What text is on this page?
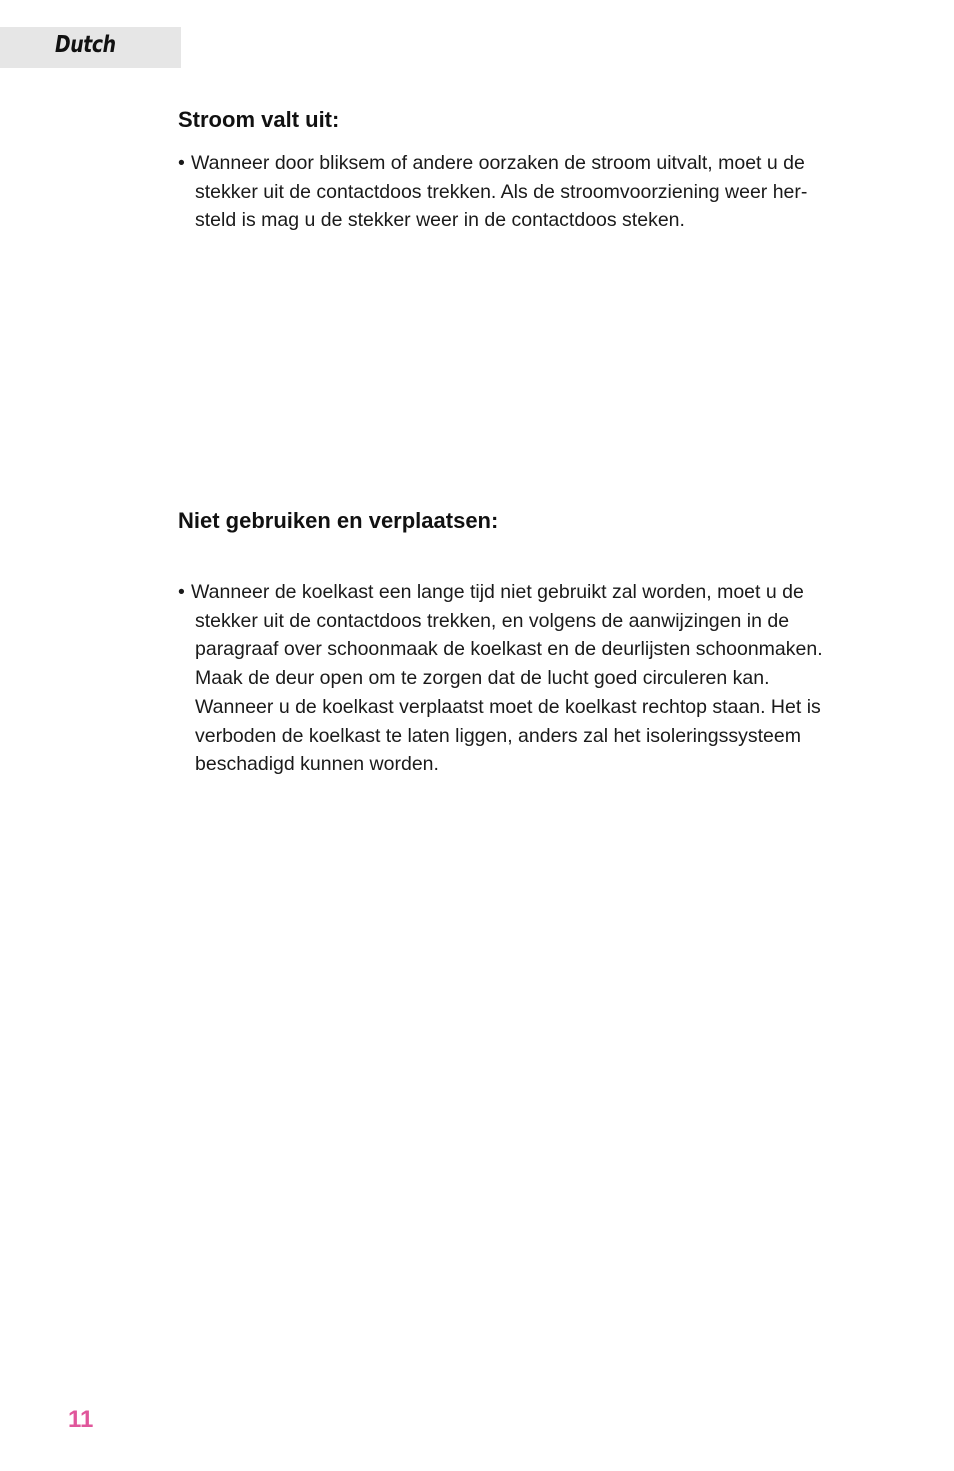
Dutch
Stroom valt uit:
• Wanneer door bliksem of andere oorzaken de stroom uitvalt, moet u de
stekker uit de contactdoos trekken. Als de stroomvoorziening weer her-
steld is mag u de stekker weer in de contactdoos steken.
Niet gebruiken en verplaatsen:
• Wanneer de koelkast een lange tijd niet gebruikt zal worden, moet u de
stekker uit de contactdoos trekken, en volgens de aanwijzingen in de
paragraaf over schoonmaak de koelkast en de deurlijsten schoonmaken.
Maak de deur open om te zorgen dat de lucht goed circuleren kan.
Wanneer u de koelkast verplaatst moet de koelkast rechtop staan. Het is
verboden de koelkast te laten liggen, anders zal het isoleringssysteem
beschadigd kunnen worden.
11
